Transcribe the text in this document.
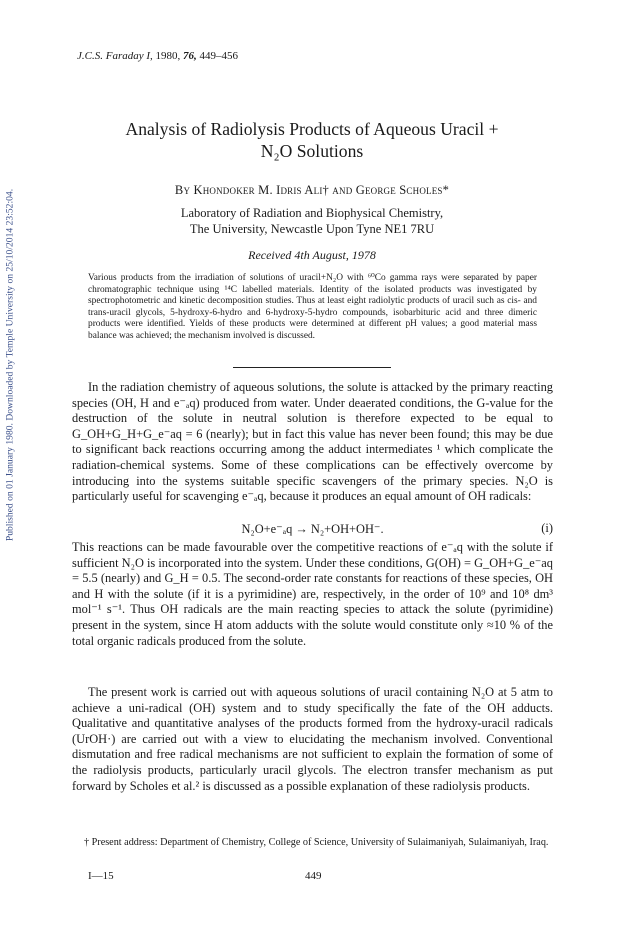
Published on 01 January 1980. Downloaded by Temple University on 25/10/2014 23:52:04.
J.C.S. Faraday I, 1980, 76, 449–456
Analysis of Radiolysis Products of Aqueous Uracil +
N₂O Solutions
By Khondoker M. Idris Ali† and George Scholes*
Laboratory of Radiation and Biophysical Chemistry,
The University, Newcastle Upon Tyne NE1 7RU
Received 4th August, 1978
Various products from the irradiation of solutions of uracil+N₂O with ⁶⁰Co gamma rays were separated by paper chromatographic technique using ¹⁴C labelled materials. Identity of the isolated products was investigated by spectrophotometric and kinetic decomposition studies. Thus at least eight radiolytic products of uracil such as cis- and trans-uracil glycols, 5-hydroxy-6-hydro and 6-hydroxy-5-hydro compounds, isobarbituric acid and three dimeric products were identified. Yields of these products were determined at different pH values; a good material mass balance was achieved; the mechanism involved is discussed.
In the radiation chemistry of aqueous solutions, the solute is attacked by the primary reacting species (OH, H and e⁻ₐq) produced from water. Under deaerated conditions, the G-value for the destruction of the solute in neutral solution is therefore expected to be equal to G_OH+G_H+G_e⁻aq = 6 (nearly); but in fact this value has never been found; this may be due to significant back reactions occurring among the adduct intermediates ¹ which complicate the radiation-chemical systems. Some of these complications can be effectively overcome by introducing into the systems suitable specific scavengers of the primary species. N₂O is particularly useful for scavenging e⁻ₐq, because it produces an equal amount of OH radicals:
N₂O+e⁻ₐq → N₂+OH+OH⁻.	(i)
This reactions can be made favourable over the competitive reactions of e⁻ₐq with the solute if sufficient N₂O is incorporated into the system. Under these conditions, G(OH) = G_OH+G_e⁻aq = 5.5 (nearly) and G_H = 0.5. The second-order rate constants for reactions of these species, OH and H with the solute (if it is a pyrimidine) are, respectively, in the order of 10⁹ and 10⁸ dm³ mol⁻¹ s⁻¹. Thus OH radicals are the main reacting species to attack the solute (pyrimidine) present in the system, since H atom adducts with the solute would constitute only ≈10 % of the total organic radicals produced from the solute.
The present work is carried out with aqueous solutions of uracil containing N₂O at 5 atm to achieve a uni-radical (OH) system and to study specifically the fate of the OH adducts. Qualitative and quantitative analyses of the products formed from the hydroxy-uracil radicals (UrOH·) are carried out with a view to elucidating the mechanism involved. Conventional dismutation and free radical mechanisms are not sufficient to explain the formation of some of the radiolysis products, particularly uracil glycols. The electron transfer mechanism as put forward by Scholes et al.² is discussed as a possible explanation of these radiolysis products.
† Present address: Department of Chemistry, College of Science, University of Sulaimaniyah, Sulaimaniyah, Iraq.
I—15	449
